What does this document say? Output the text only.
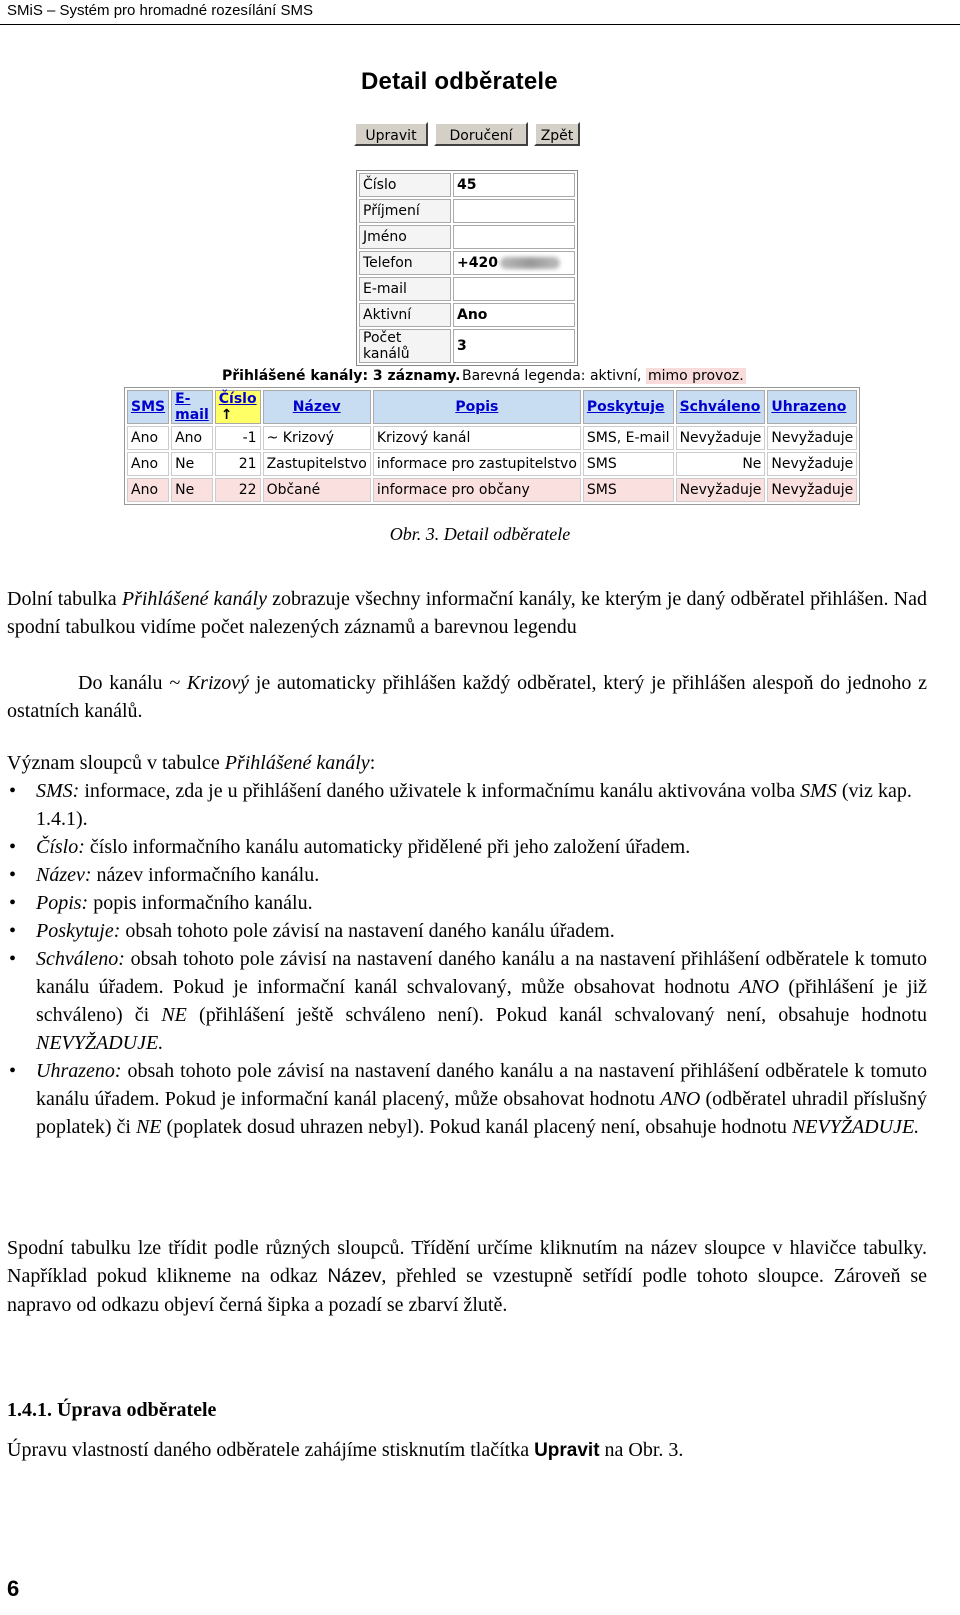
SMiS – Systém pro hromadné rozesílání SMS
Detail odběratele
Upravit	Doručení	Zpět
Číslo	45
Příjmení	
Jméno	
Telefon	+420
E-mail	
Aktivní	Ano
Počet kanálů	3
Přihlášené kanály: 3 záznamy. Barevná legenda: aktivní, mimo provoz.
SMS	E-mail	Číslo↑	Název	Popis	Poskytuje	Schváleno	Uhrazeno
Ano	Ano	-1	~ Krizový	Krizový kanál	SMS, E-mail	Nevyžaduje	Nevyžaduje
Ano	Ne	21	Zastupitelstvo	informace pro zastupitelstvo	SMS	Ne	Nevyžaduje
Ano	Ne	22	Občané	informace pro občany	SMS	Nevyžaduje	Nevyžaduje
Obr. 3. Detail odběratele
Dolní tabulka Přihlášené kanály zobrazuje všechny informační kanály, ke kterým je daný odběratel přihlášen. Nad spodní tabulkou vidíme počet nalezených záznamů a barevnou legendu
Do kanálu ~ Krizový je automaticky přihlášen každý odběratel, který je přihlášen alespoň do jednoho z ostatních kanálů.

Význam sloupců v tabulce Přihlášené kanály:

• SMS: informace, zda je u přihlášení daného uživatele k informačnímu kanálu aktivována volba SMS (viz kap. 1.4.1).
• Číslo: číslo informačního kanálu automaticky přidělené při jeho založení úřadem.
• Název: název informačního kanálu.
• Popis: popis informačního kanálu.
• Poskytuje: obsah tohoto pole závisí na nastavení daného kanálu úřadem.
• Schváleno: obsah tohoto pole závisí na nastavení daného kanálu a na nastavení přihlášení odběratele k tomuto kanálu úřadem. Pokud je informační kanál schvalovaný, může obsahovat hodnotu ANO (přihlášení je již schváleno) či NE (přihlášení ještě schváleno není). Pokud kanál schvalovaný není, obsahuje hodnotu NEVYŽADUJE.
• Uhrazeno: obsah tohoto pole závisí na nastavení daného kanálu a na nastavení přihlášení odběratele k tomuto kanálu úřadem. Pokud je informační kanál placený, může obsahovat hodnotu ANO (odběratel uhradil příslušný poplatek) či NE (poplatek dosud uhrazen nebyl). Pokud kanál placený není, obsahuje hodnotu NEVYŽADUJE.
Spodní tabulku lze třídit podle různých sloupců. Třídění určíme kliknutím na název sloupce v hlavičce tabulky. Například pokud klikneme na odkaz Název, přehled se vzestupně setřídí podle tohoto sloupce. Zároveň se napravo od odkazu objeví černá šipka a pozadí se zbarví žlutě.
1.4.1. Úprava odběratele
Úpravu vlastností daného odběratele zahájíme stisknutím tlačítka Upravit na Obr. 3.
6
